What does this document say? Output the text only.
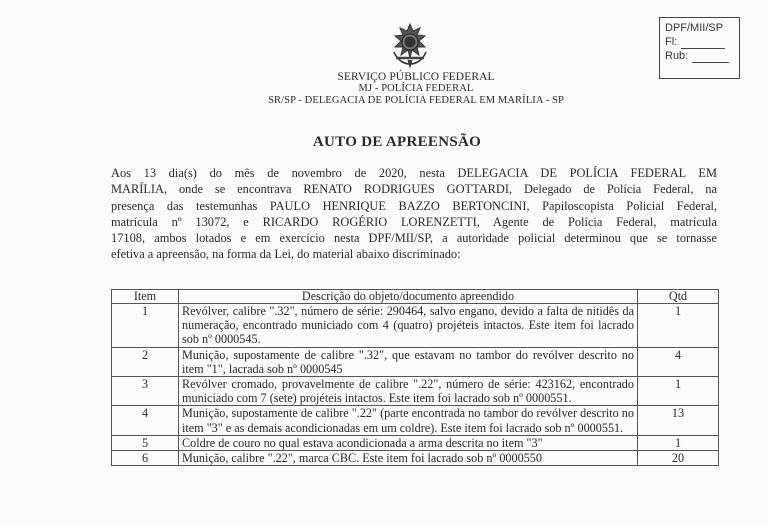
DPF/MII/SP
Fl:
Rub:
SERVIÇO PÚBLICO FEDERAL
MJ - POLÍCIA FEDERAL
SR/SP - DELEGACIA DE POLÍCIA FEDERAL EM MARÍLIA - SP
AUTO DE APREENSÃO
Aos 13 dia(s) do mês de novembro de 2020, nesta DELEGACIA DE POLÍCIA FEDERAL EM
MARÍLIA, onde se encontrava RENATO RODRIGUES GOTTARDI, Delegado de Polícia Federal, na
presença das testemunhas PAULO HENRIQUE BAZZO BERTONCINI, Papiloscopista Policial Federal,
matrícula nº 13072, e RICARDO ROGÉRIO LORENZETTI, Agente de Polícia Federal, matrícula
17108, ambos lotados e em exercício nesta DPF/MII/SP, a autoridade policial determinou que se tornasse
efetiva a apreensão, na forma da Lei, do material abaixo discriminado:
Item	Descrição do objeto/documento apreendido	Qtd
1	Revólver, calibre ".32", número de série: 290464, salvo engano, devido a falta de nitidês da numeração, encontrado municiado com 4 (quatro) projéteis intactos. Este item foi lacrado sob nº 0000545.	1
2	Munição, supostamente de calibre ".32", que estavam no tambor do revólver descrito no item "1", lacrada sob nº 0000545	4
3	Revólver cromado, provavelmente de calibre ".22", número de série: 423162, encontrado municiado com 7 (sete) projéteis intactos. Este item foi lacrado sob nº 0000551.	1
4	Munição, supostamente de calibre ".22" (parte encontrada no tambor do revólver descrito no item "3" e as demais acondicionadas em um coldre). Este item foi lacrado sob nº 0000551.	13
5	Coldre de couro no qual estava acondicionada a arma descrita no item "3"	1
6	Munição, calibre ".22", marca CBC. Este item foi lacrado sob nº 0000550	20
